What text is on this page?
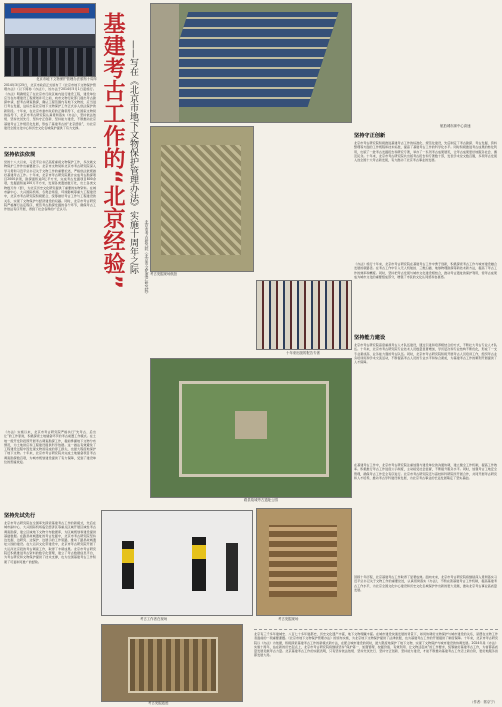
北京市地下文物保护管理办法颁布十周年
2014年3月25日，北京市政府正式颁布了《北京市地下文物保护管理办法》（以下简称《办法》），该办法于2014年5月1日起施行。《办法》明确规定了在北京市行政区域内进行建设工程，建设单位应当在办理建设工程规划许可之前，向市文物行政部门提出考古勘探申请，经考古调查勘探，确认工程范围内有地下文物的，应当进行考古发掘，这标志着北京地下文物保护工作正式步入依法保护的新阶段。十年来，在北京市委市政府的正确领导下，在国家文物局的指导下，北京市考古研究院认真贯彻落实《办法》，坚持依法依规、坚持先试先行、坚持守正创新、坚持能力建设，不断推动北京基建考古工作规范化发展，形成了基建考古的“北京经验”，为北京建设全国文化中心和历史文化名城保护提供了有力支撑。
坚持依法依规
党的十八大以来，习近平总书记高度重视文物保护工作，多次就文物保护工作作出重要批示。北京市文物局和北京市考古研究院深入学习贯彻习近平总书记关于文物工作的重要论述，严格依法依规做好基建考古工作。十年来，北京市考古研究院累计完成考古勘探项目2000余项，勘探面积逾3亿平方米，完成考古发掘项目800余项，发掘面积逾100万平方米，发现各类遗迹数万处，出土各类文物数万件（套），为北京历史文化研究提供了重要的实物资料。在城市副中心、大兴国际机场、冬奥会场馆、环球影城等重大工程建设中，北京市考古研究院积极配合，统筹做好考古工作与工程建设的关系，实现了文物保护与经济建设的双赢。同时，北京市考古研究院严格履行法定程序，规范考古勘探发掘的各个环节，确保考古工作依法有序开展，得到了社会各界的广泛认可。
《办法》实施以来，北京市考古研究院严格执行“先考古、后出让”的工作原则，积极探索土地储备环节的考古前置工作模式。在土地一级开发阶段即开展考古调查勘探工作，提前掌握地下文物分布情况，为土地供应和工程建设提供科学依据。这一做法有效避免了工程建设过程中因发现文物而造成的停工损失，也最大程度地保护了地下文物。十年来，北京市考古研究院共完成土地储备项目考古调查勘探数百项，为城市规划建设提供了有力保障，受到了建设单位的普遍欢迎。
坚持先试先行
北京市考古研究院在全国率先探索基建考古工作的新模式，先后在城市副中心、大兴国际机场临空经济区等重点区域开展区域性考古调查勘探，建立区域地下文物分布数据库，为区域规划和建设提供基础数据。在路县故城遗址的考古发掘中，北京市考古研究院坚持边发掘、边研究、边保护、边展示的工作思路，推动了路县故城遗址公园的建设。在大运河文化带建设中，北京市考古研究院开展了大运河北京段的考古调查工作，取得了丰硕成果。北京市考古研究院还积极推进考古资料的数字化管理，建立了考古数据信息平台，为考古研究和文物保护提供了技术支撑，也为全国基建考古工作积累了可复制可推广的经验。
基建考古工作的“北京经验” ——写在《北京市地下文物保护管理办法》实施十周年之际 北京市考古研究院（北京市文化遗产研究院） 考古发掘现场航拍
十年来出版的报告专著
路县故城考古遗址公园
考古工作者在现场	考古发掘现场
考古发掘遗迹
航拍城市副中心高速
坚持守正创新
北京市考古研究院积极推进基建考古工作的标准化、规范化建设，先后制定了考古勘探、考古发掘、资料整理等方面的工作规程和技术标准，提高了基建考古工作的科学化水平。同时积极推进考古成果的转化利用，出版了一批考古发掘报告和研究专著，举办了一系列考古成果展览，让考古成果更好地服务社会、惠及民众。十年来，北京市考古研究院共出版考古报告和专著数十部，发表学术论文数百篇，多项考古发现入选全国十大考古新发现，有力推动了北京考古事业的发展。
《办法》施行十年来，北京市考古研究院在基建考古工作中勇于创新，积极探索考古工作与城市建设融合发展的新路径。在考古工作中引入无人机航拍、三维扫描、地球物理勘探等新技术新方法，提高了考古工作的效率和精度。同时，坚持把考古发现与城市文化建设相结合，推动考古遗址的保护利用，使考古成果成为城市文化的重要组成部分，增强了市民的文化认同感和自豪感。
坚持能力建设
北京市考古研究院高度重视考古人才队伍建设，通过引进和培养相结合的方式，不断壮大考古专业人才队伍。十年来，北京市考古研究院专业技术人员数量显著增加，学历层次和专业结构不断优化，形成了一支专业素质高、业务能力强的考古队伍。同时，北京市考古研究院积极开展考古人员培训工作，组织考古业务培训班和学术交流活动，不断提高考古人员的专业水平和综合素质，为基建考古工作的顺利开展提供了人才保障。
在基建考古工作中，北京市考古研究院注重加强与建设单位的沟通协调，建立健全工作机制，提高工作效率。积极推行考古工作进度公示制度，主动接受社会监督，不断提升服务水平。同时，加强考古工地安全管理，确保考古工作安全有序进行。北京市考古研究院还与高校和科研院所开展合作，共同开展考古研究和人才培养，推动考古学科建设和发展，为北京考古事业的长远发展奠定了坚实基础。
回顾十年历程，北京基建考古工作取得了显著成效。面向未来，北京市考古研究院将继续深入贯彻落实习近平总书记关于文物工作的重要论述，认真贯彻落实《办法》，不断完善基建考古工作机制，提高基建考古工作水平，为北京全国文化中心建设和历史文化名城保护作出新的更大贡献，推动北京考古事业高质量发展。
北京有三千多年建城史、八百七十多年建都史，历史文化遗产丰富，地下文物埋藏丰富。在城市建设快速发展的背景下，如何协调好文物保护与城市建设的关系，是摆在文物工作者面前的一项重要课题。《北京市地下文物保护管理办法》的颁布实施，为北京地下文物保护提供了法律依据，也为基建考古工作的开展提供了制度保障。十年来，北京市考古研究院以《办法》为依据，积极探索基建考古工作的新模式新方法，在配合城市建设的同时，最大限度地保护了地下文物，实现了文物保护与城市建设的协调发展。2024年是《办法》实施十周年，站在新的历史起点上，北京市考古研究院将继续坚持“保护第一、加强管理、挖掘价值、有效利用、让文物活起来”的工作要求，统筹做好基建考古工作，为首都高质量发展贡献考古力量。北京基建考古工作的实践表明，只有坚持依法依规、坚持先试先行、坚持守正创新、坚持能力建设，才能不断推动基建考古工作迈上新台阶，更好地服务首都发展大局。
（作者：郭京宁）
